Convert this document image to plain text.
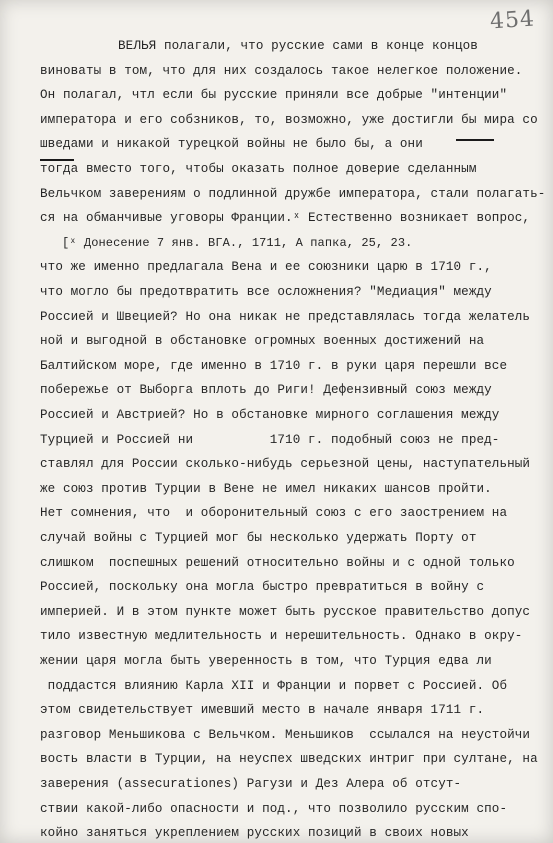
454
ВЕЛЬЯ полагали, что русские сами в конце концов
виноваты в том, что для них создалось такое нелегкое положение.
Он полагал, чтл если бы русские приняли все добрые "интенции"
императора и его собзников, то, возможно, уже достигли бы мира со
шведами и никакой турецкой войны не было бы, а они
тогда вместо того, чтобы оказать полное доверие сделанным
Вельчком заверениям о подлинной дружбе императора, стали полагать-
ся на обманчивые уговоры Франции.ˣ Естественно возникает вопрос,
[ˣ Донесение 7 янв. ВГА., 1711, А папка, 25, 23.
что же именно предлагала Вена и ее союзники царю в 1710 г.,
что могло бы предотвратить все осложнения? "Медиация" между
Россией и Швецией? Но она никак не представлялась тогда желатель
ной и выгодной в обстановке огромных военных достижений на
Балтийском море, где именно в 1710 г. в руки царя перешли все
побережье от Выборга вплоть до Риги! Дефензивный союз между
Россией и Австрией? Но в обстановке мирного соглашения между
Турцией и Россией ни          1710 г. подобный союз не пред-
ставлял для России сколько-нибудь серьезной цены, наступательный
же союз против Турции в Вене не имел никаких шансов пройти.
Нет сомнения, что  и оборонительный союз с его заострением на
случай войны с Турцией мог бы несколько удержать Порту от
слишком  поспешных решений относительно войны и с одной только
Россией, поскольку она могла быстро превратиться в войну с
империей. И в этом пункте может быть русское правительство допус
тило известную медлительность и нерешительность. Однако в окру-
жении царя могла быть уверенность в том, что Турция едва ли
поддастся влиянию Карла XII и Франции и порвет с Россией. Об
этом свидетельствует имевший место в начале января 1711 г.
разговор Меньшикова с Вельчком. Меньшиков  ссылался на неустойчи
вость власти в Турции, на неуспех шведских интриг при султане, на
заверения (assecurationes) Рагузи и Дез Алера об отсут-
ствии какой-либо опасности и под., что позволило русским спо-
койно заняться укреплением русских позиций в своих новых
